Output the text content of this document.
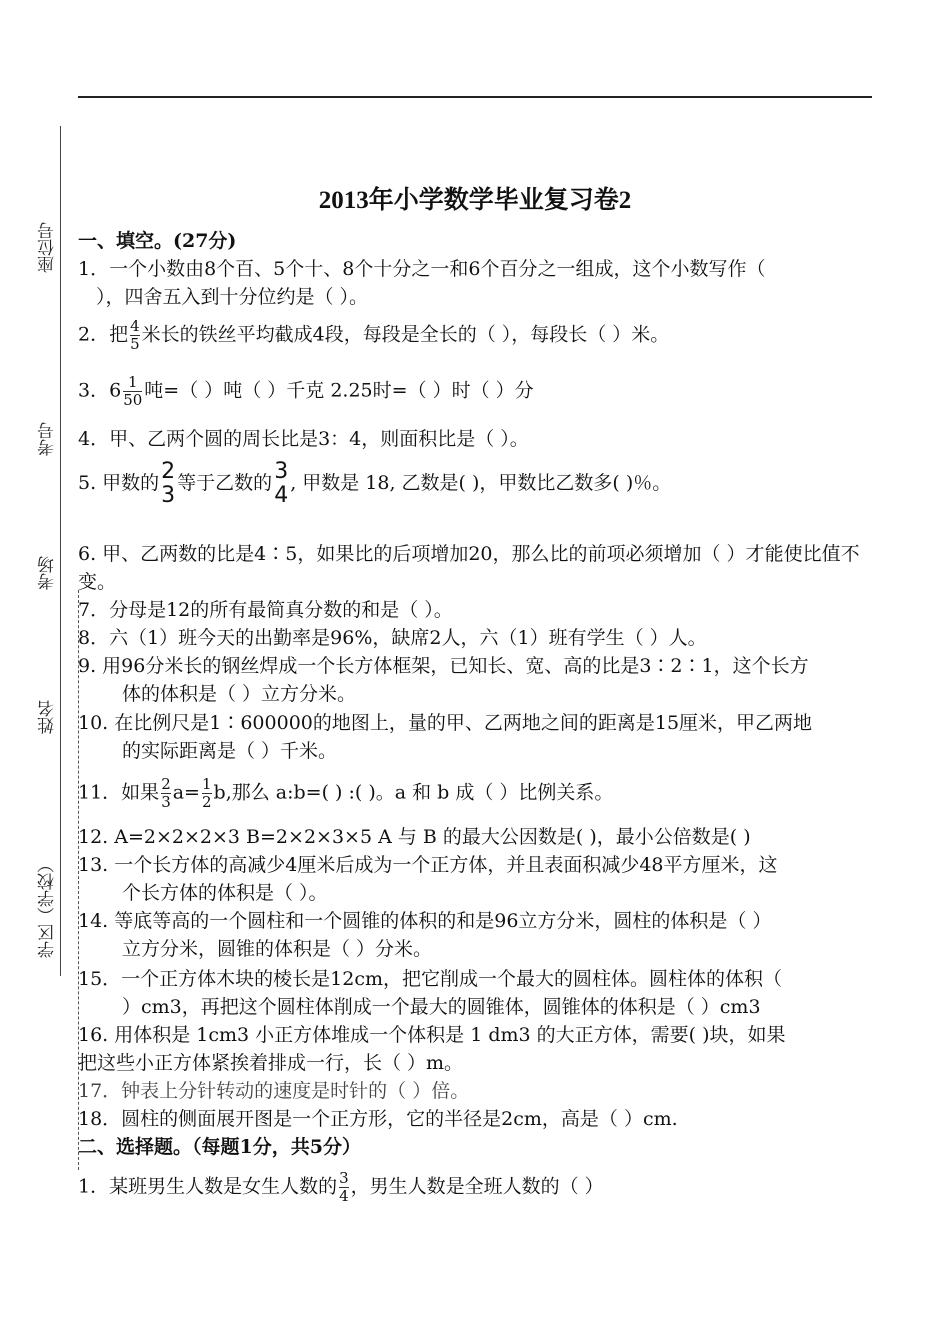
座位号
考号
考场
姓名
学区（学校）
2013年小学数学毕业复习卷2
一、填空。(27分)
1．一个小数由8个百、5个十、8个十分之一和6个百分之一组成，这个小数写作（
），四舍五入到十分位约是（ ）。
2．把 $\frac{4}{5}$ 米长的铁丝平均截成4段，每段是全长的（ ），每段长（ ）米。
3．$6 \frac{1}{50}$ 吨=（ ）吨（ ）千克 2.25时=（ ）时（ ）分
4．甲、乙两个圆的周长比是3：4，则面积比是（ ）。
5. 甲数的 2
3 等于乙数的 3
4 , 甲数是 18, 乙数是( )，甲数比乙数多( )％。
6. 甲、乙两数的比是4∶5，如果比的后项增加20，那么比的前项必须增加（ ）才能使比值不变。
7．分母是12的所有最简真分数的和是（ ）。
8．六（1）班今天的出勤率是96%，缺席2人，六（1）班有学生（ ）人。
9. 用96分米长的钢丝焊成一个长方体框架，已知长、宽、高的比是3∶2∶1，这个长方
体的体积是（ ）立方分米。
10. 在比例尺是1∶600000的地图上，量的甲、乙两地之间的距离是15厘米，甲乙两地
的实际距离是（ ）千米。
11．如果 $\frac{2}{3} a= \frac{1}{2} b$,那么 a:b=( ) :( )。a 和 b 成（ ）比例关系。
12. A=2×2×2×3 B=2×2×3×5 A 与 B 的最大公因数是( )，最小公倍数是( )
13. 一个长方体的高减少4厘米后成为一个正方体，并且表面积减少48平方厘米，这
个长方体的体积是（ ）。
14. 等底等高的一个圆柱和一个圆锥的体积的和是96立方分米，圆柱的体积是（ ）
立方分米，圆锥的体积是（ ）分米。
15．一个正方体木块的棱长是12cm，把它削成一个最大的圆柱体。圆柱体的体积（
）cm3，再把这个圆柱体削成一个最大的圆锥体，圆锥体的体积是（ ）cm3
16. 用体积是 1cm3 小正方体堆成一个体积是 1 dm3 的大正方体，需要( )块，如果
把这些小正方体紧挨着排成一行，长（ ）m。
17．钟表上分针转动的速度是时针的（ ）倍。
18．圆柱的侧面展开图是一个正方形，它的半径是2cm，高是（ ）cm.
二、选择题。（每题1分，共5分）
1．某班男生人数是女生人数的 $\frac{3}{4}$ ，男生人数是全班人数的（ ）
